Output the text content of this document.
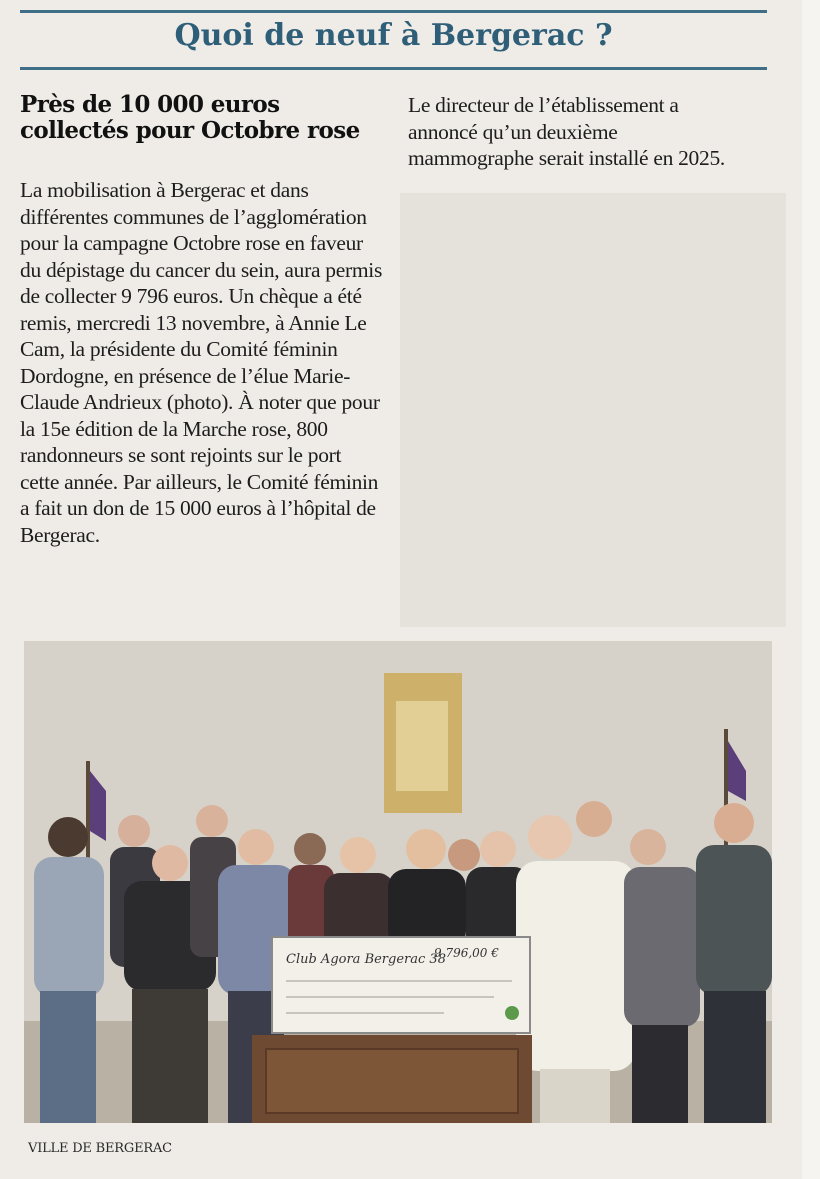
Quoi de neuf à Bergerac ?
Près de 10 000 euros collectés pour Octobre rose
La mobilisation à Bergerac et dans différentes communes de l’agglomération pour la campagne Octobre rose en faveur du dépistage du cancer du sein, aura permis de collecter 9 796 euros. Un chèque a été remis, mercredi 13 novembre, à Annie Le Cam, la présidente du Comité féminin Dordogne, en présence de l’élue Marie-Claude Andrieux (photo). À noter que pour la 15e édition de la Marche rose, 800 randonneurs se sont rejoints sur le port cette année. Par ailleurs, le Comité féminin a fait un don de 15 000 euros à l’hôpital de Bergerac.
Le directeur de l’établissement a annoncé qu’un deuxième mammographe serait installé en 2025.
Club Agora Bergerac 38
9 796,00 €
VILLE DE BERGERAC
